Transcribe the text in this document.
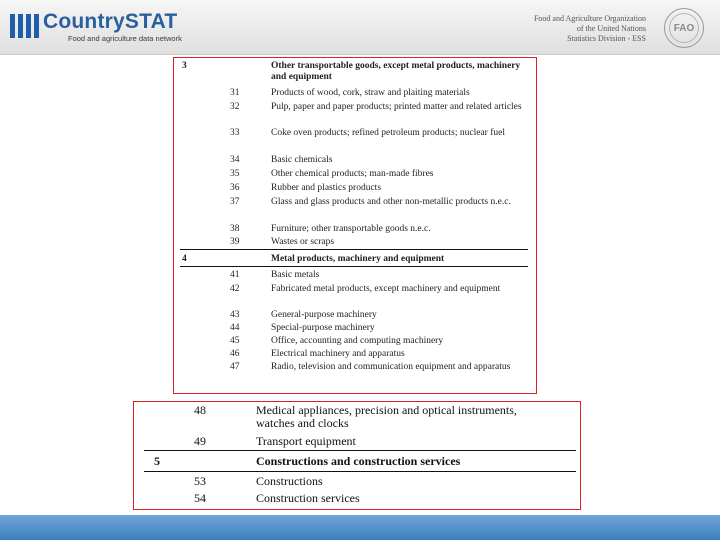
CountrySTAT
Food and agriculture data network
Food and Agriculture Organization
of the United Nations
Statistics Division - ESS
FAO
3	Other transportable goods, except metal products, machinery and equipment
31	Products of wood, cork, straw and plaiting materials
32	Pulp, paper and paper products; printed matter and related articles
33	Coke oven products; refined petroleum products; nuclear fuel
34	Basic chemicals
35	Other chemical products; man-made fibres
36	Rubber and plastics products
37	Glass and glass products and other non-metallic products n.e.c.
38	Furniture; other transportable goods n.e.c.
39	Wastes or scraps
4	Metal products, machinery and equipment
41	Basic metals
42	Fabricated metal products, except machinery and equipment
43	General-purpose machinery
44	Special-purpose machinery
45	Office, accounting and computing machinery
46	Electrical machinery and apparatus
47	Radio, television and communication equipment and apparatus
48	Medical appliances, precision and optical instruments, watches and clocks
49	Transport equipment
5	Constructions and construction services
53	Constructions
54	Construction services
